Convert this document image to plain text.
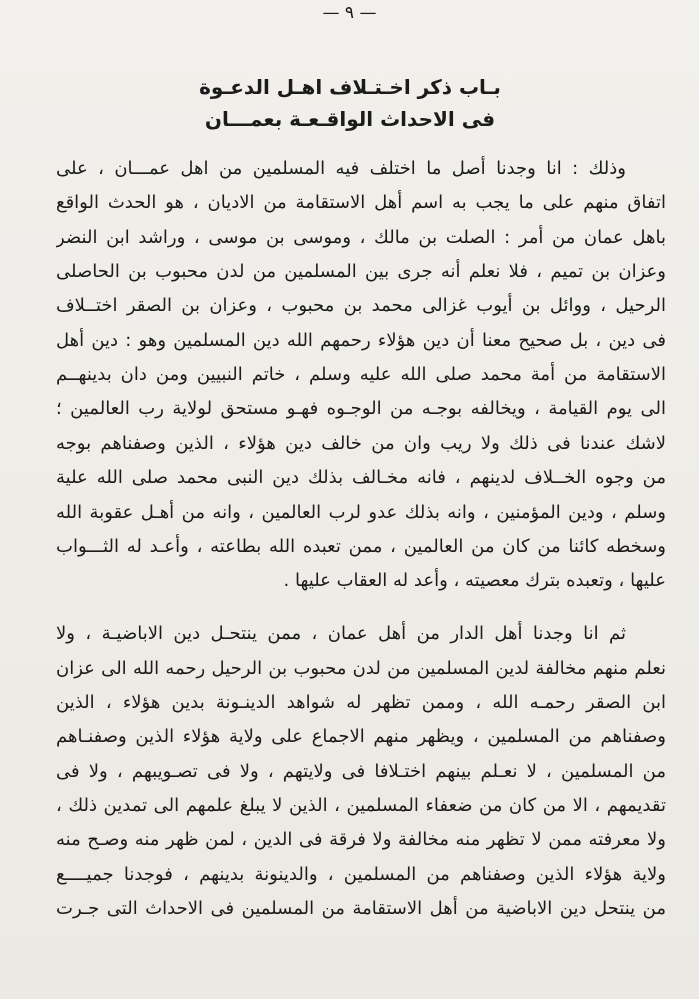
— ٩ —
بـاب ذكر اخـتـلاف اهـل الدعـوة
فى الاحداث الواقـعـة بعمـــان
وذلك : انا وجدنا أصل ما اختلف فيه المسلمين من اهل عمـــان ، على
اتفاق منهم على ما يجب به اسم أهل الاستقامة من الاديان ، هو الحدث الواقع
باهل عمان من أمر : الصلت بن مالك ، وموسى بن موسى ، وراشد ابن النضر
وعزان بن تميم ، فلا نعلم أنه جرى بين المسلمين من لدن محبوب بن الحاصلى
الرحيل ، ووائل بن أيوب غزالى محمد بن محبوب ، وعزان بن الصقر اختــلاف
فى دين ، بل صحيح معنا أن دين هؤلاء رحمهم الله دين المسلمين وهو : دين أهل
الاستقامة من أمة محمد صلى الله عليه وسلم ، خاتم النبيين ومن دان بدينهــم
الى يوم القيامة ، ويخالفه بوجـه من الوجـوه فهـو مستحق لولاية رب العالمين ؛
لاشك عندنا فى ذلك ولا ريب وان من خالف دين هؤلاء ، الذين وصفناهم بوجه
من وجوه الخــلاف لدينهم ، فانه مخـالف بذلك دين النبى محمد صلى الله علية
وسلم ، ودين المؤمنين ، وانه بذلك عدو لرب العالمين ، وانه من أهـل عقوبة الله
وسخطه كائنا من كان من العالمين ، ممن تعبده الله بطاعته ، وأعـد له الثـــواب
عليها ، وتعبده بترك معصيته ، وأعد له العقاب عليها .
ثم انا وجدنا أهل الدار من أهل عمان ، ممن ينتحـل دين الاباضيـة ، ولا
نعلم منهم مخالفة لدين المسلمين من لدن محبوب بن الرحيل رحمه الله الى عزان
ابن الصقر رحمـه الله ، وممن تظهر له شواهد الدينـونة بدين هؤلاء ، الذين
وصفناهم من المسلمين ، ويظهر منهم الاجماع على ولاية هؤلاء الذين وصفنـاهم
من المسلمين ، لا نعـلم بينهم اختـلافا فى ولايتهم ، ولا فى تصـويبهم ، ولا فى
تقديمهم ، الا من كان من ضعفاء المسلمين ، الذين لا يبلغ علمهم الى تمدين ذلك ،
ولا معرفته ممن لا تظهر منه مخالفة ولا فرقة فى الدين ، لمن ظهر منه وصـح منه
ولاية هؤلاء الذين وصفناهم من المسلمين ، والدينونة بدينهم ، فوجدنا جميــــع
من ينتحل دين الاباضية من أهل الاستقامة من المسلمين فى الاحداث التى جـرت
